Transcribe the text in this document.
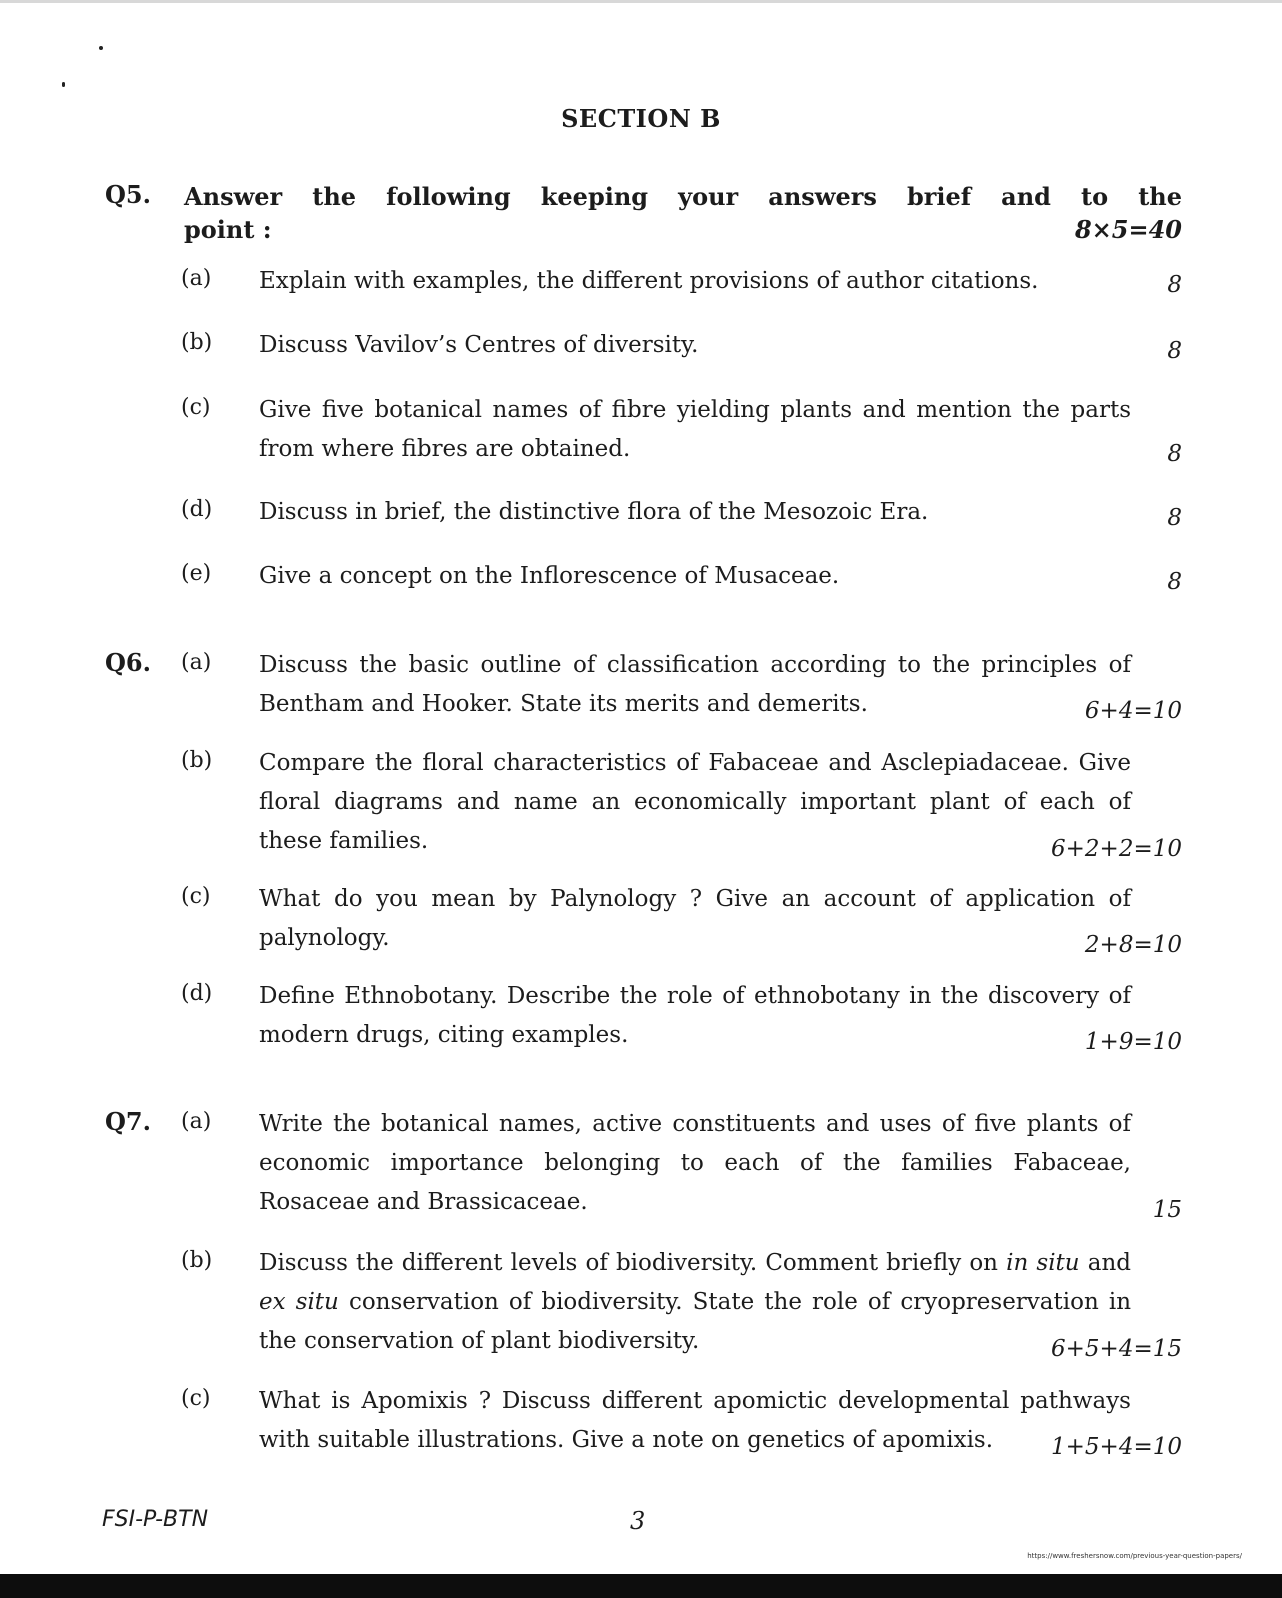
SECTION B
Q5. Answer the following keeping your answers brief and to the
point :	8×5=40
(a) Explain with examples, the different provisions of author citations.	8
(b) Discuss Vavilov’s Centres of diversity.	8
(c) Give five botanical names of fibre yielding plants and mention the parts from where fibres are obtained.	8
(d) Discuss in brief, the distinctive flora of the Mesozoic Era.	8
(e) Give a concept on the Inflorescence of Musaceae.	8
Q6. (a) Discuss the basic outline of classification according to the principles of Bentham and Hooker. State its merits and demerits.	6+4=10
(b) Compare the floral characteristics of Fabaceae and Asclepiadaceae. Give floral diagrams and name an economically important plant of each of these families.	6+2+2=10
(c) What do you mean by Palynology ? Give an account of application of palynology.	2+8=10
(d) Define Ethnobotany. Describe the role of ethnobotany in the discovery of modern drugs, citing examples.	1+9=10
Q7. (a) Write the botanical names, active constituents and uses of five plants of economic importance belonging to each of the families Fabaceae, Rosaceae and Brassicaceae.	15
(b) Discuss the different levels of biodiversity. Comment briefly on in situ and ex situ conservation of biodiversity. State the role of cryopreservation in the conservation of plant biodiversity.	6+5+4=15
(c) What is Apomixis ? Discuss different apomictic developmental pathways with suitable illustrations. Give a note on genetics of apomixis.	1+5+4=10
FSI-P-BTN	3
https://www.freshersnow.com/previous-year-question-papers/
